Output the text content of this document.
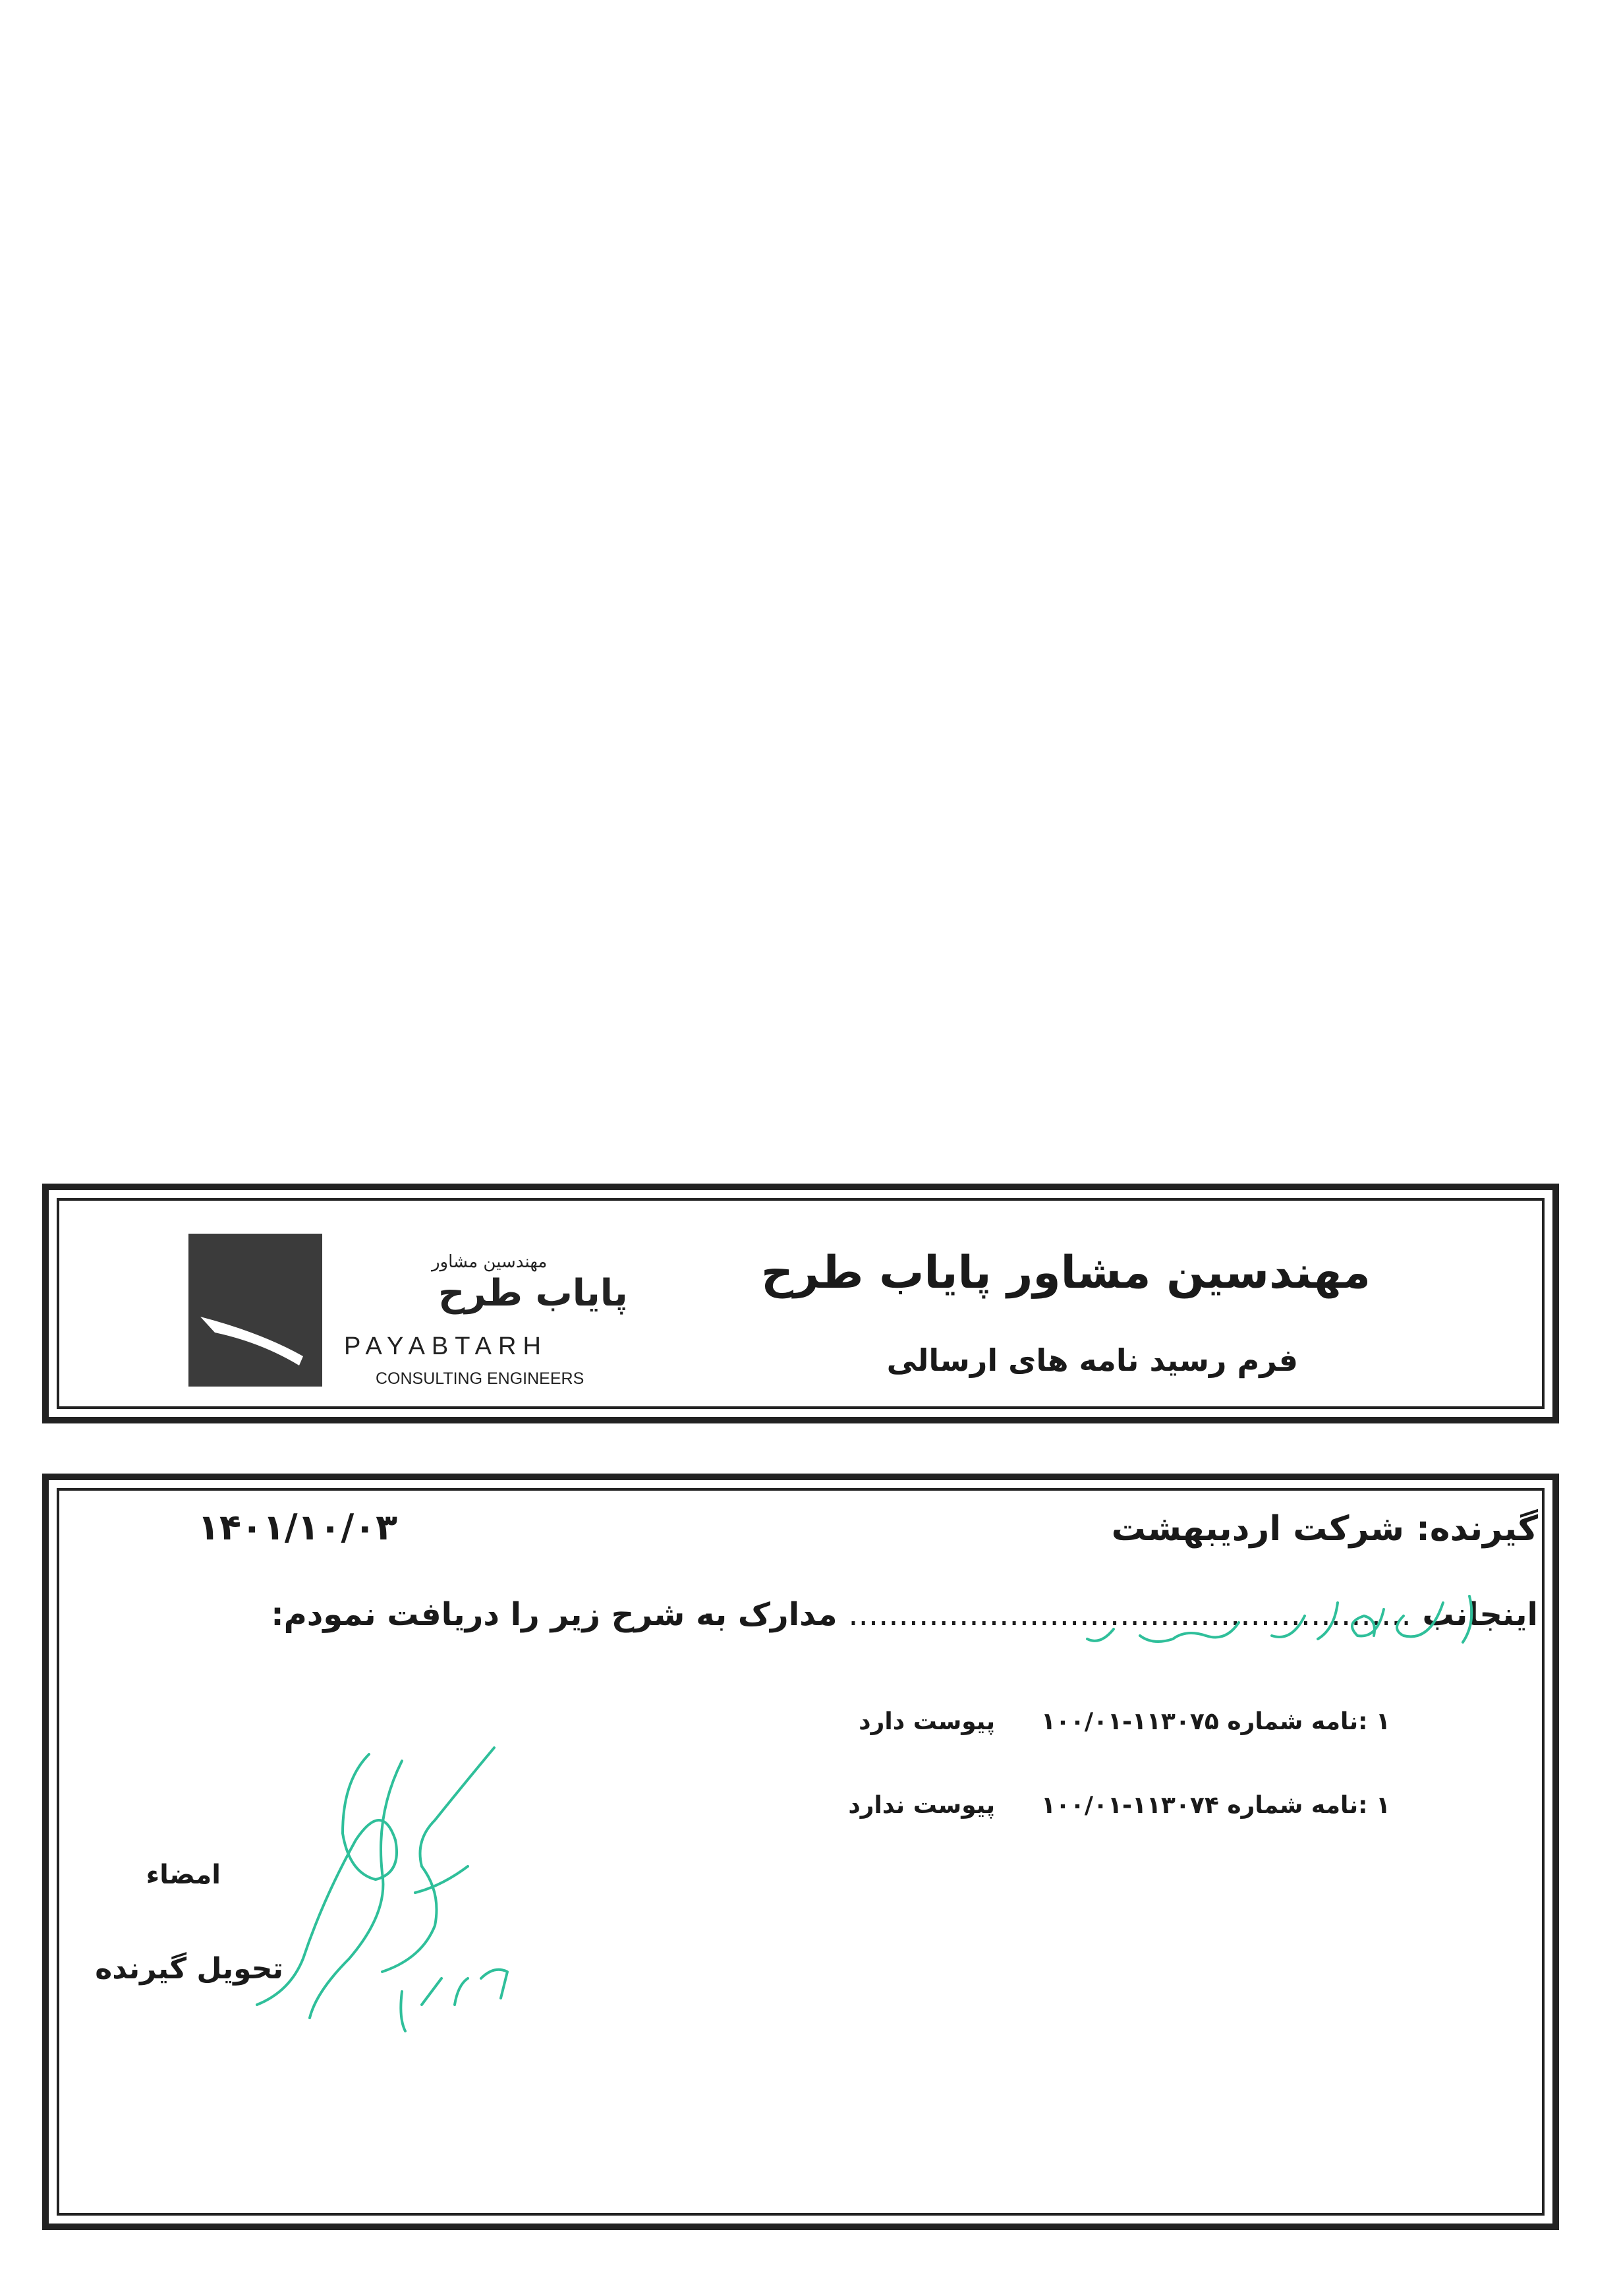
مهندسین مشاور پایاب طرح
فرم رسید نامه های ارسالی
مهندسین مشاور
پایاب طرح
PAYABTARH
CONSULTING ENGINEERS
گیرنده: شرکت اردیبهشت
۱۴۰۱/۱۰/۰۳
اینجانب ........................................................ مدارک به شرح زیر را دریافت نمودم:
۱ :نامه شماره ۱۱۳۰۷۵-۱۰۰/۰۱
پیوست دارد
۱ :نامه شماره ۱۱۳۰۷۴-۱۰۰/۰۱
پیوست ندارد
امضاء
تحویل گیرنده
